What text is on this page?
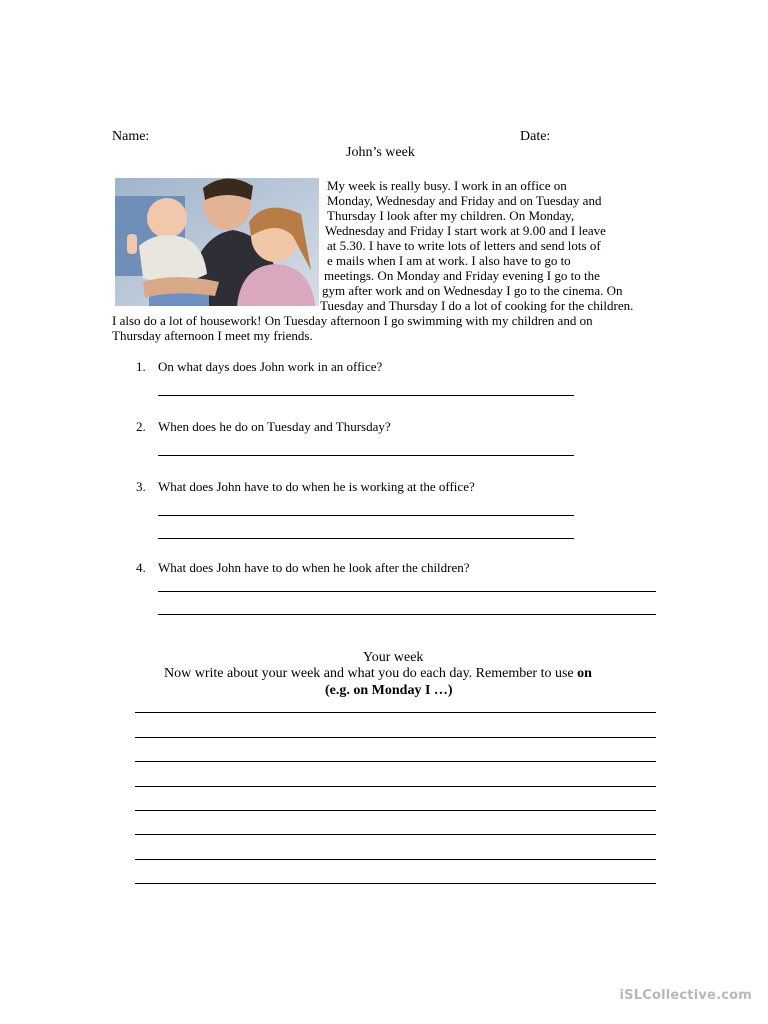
Name:	Date:
John’s week
My week is really busy. I work in an office on
Monday, Wednesday and Friday and on Tuesday and
Thursday I look after my children. On Monday,
Wednesday and Friday I start work at 9.00 and I leave
at 5.30. I have to write lots of letters and send lots of
e mails when I am at work. I also have to go to
meetings. On Monday and Friday evening I go to the
gym after work and on Wednesday I go to the cinema. On
Tuesday and Thursday I do a lot of cooking for the children.
I also do a lot of housework! On Tuesday afternoon I go swimming with my children and on
Thursday afternoon I meet my friends.
1. On what days does John work in an office?
2. When does he do on Tuesday and Thursday?
3. What does John have to do when he is working at the office?
4. What does John have to do when he look after the children?
Your week
Now write about your week and what you do each day. Remember to use on
(e.g. on Monday I …)
iSLCollective.com
